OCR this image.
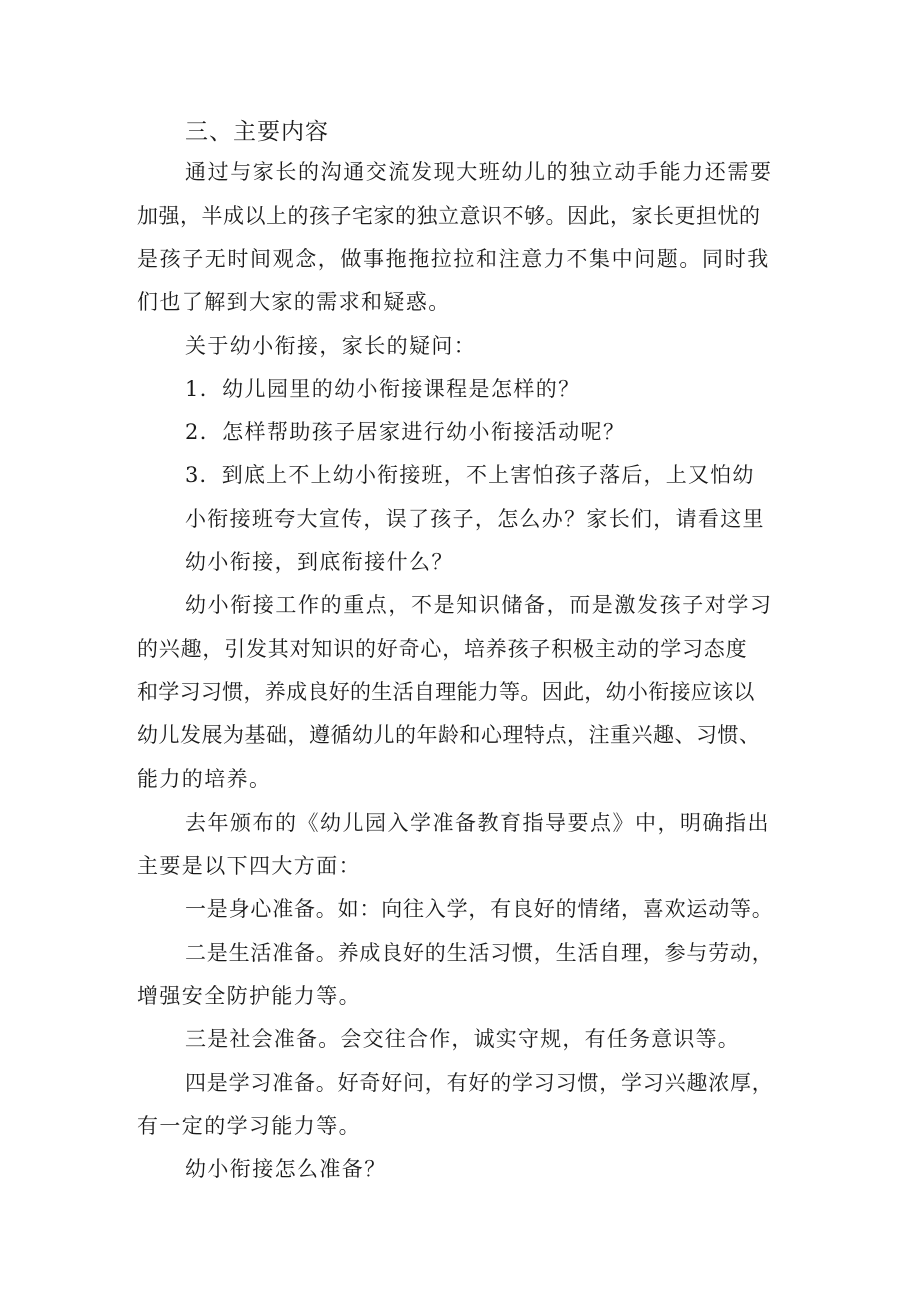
三、主要内容
通过与家长的沟通交流发现大班幼儿的独立动手能力还需要
加强，半成以上的孩子宅家的独立意识不够。因此，家长更担忧的
是孩子无时间观念，做事拖拖拉拉和注意力不集中问题。同时我
们也了解到大家的需求和疑惑。
关于幼小衔接，家长的疑问：
1．幼儿园里的幼小衔接课程是怎样的？
2．怎样帮助孩子居家进行幼小衔接活动呢？
3．到底上不上幼小衔接班，不上害怕孩子落后，上又怕幼
小衔接班夸大宣传，误了孩子，怎么办？家长们，请看这里
幼小衔接，到底衔接什么？
幼小衔接工作的重点，不是知识储备，而是激发孩子对学习
的兴趣，引发其对知识的好奇心，培养孩子积极主动的学习态度
和学习习惯，养成良好的生活自理能力等。因此，幼小衔接应该以
幼儿发展为基础，遵循幼儿的年龄和心理特点，注重兴趣、习惯、
能力的培养。
去年颁布的《幼儿园入学准备教育指导要点》中，明确指出
主要是以下四大方面：
一是身心准备。如：向往入学，有良好的情绪，喜欢运动等。
二是生活准备。养成良好的生活习惯，生活自理，参与劳动，
增强安全防护能力等。
三是社会准备。会交往合作，诚实守规，有任务意识等。
四是学习准备。好奇好问，有好的学习习惯，学习兴趣浓厚，
有一定的学习能力等。
幼小衔接怎么准备？
